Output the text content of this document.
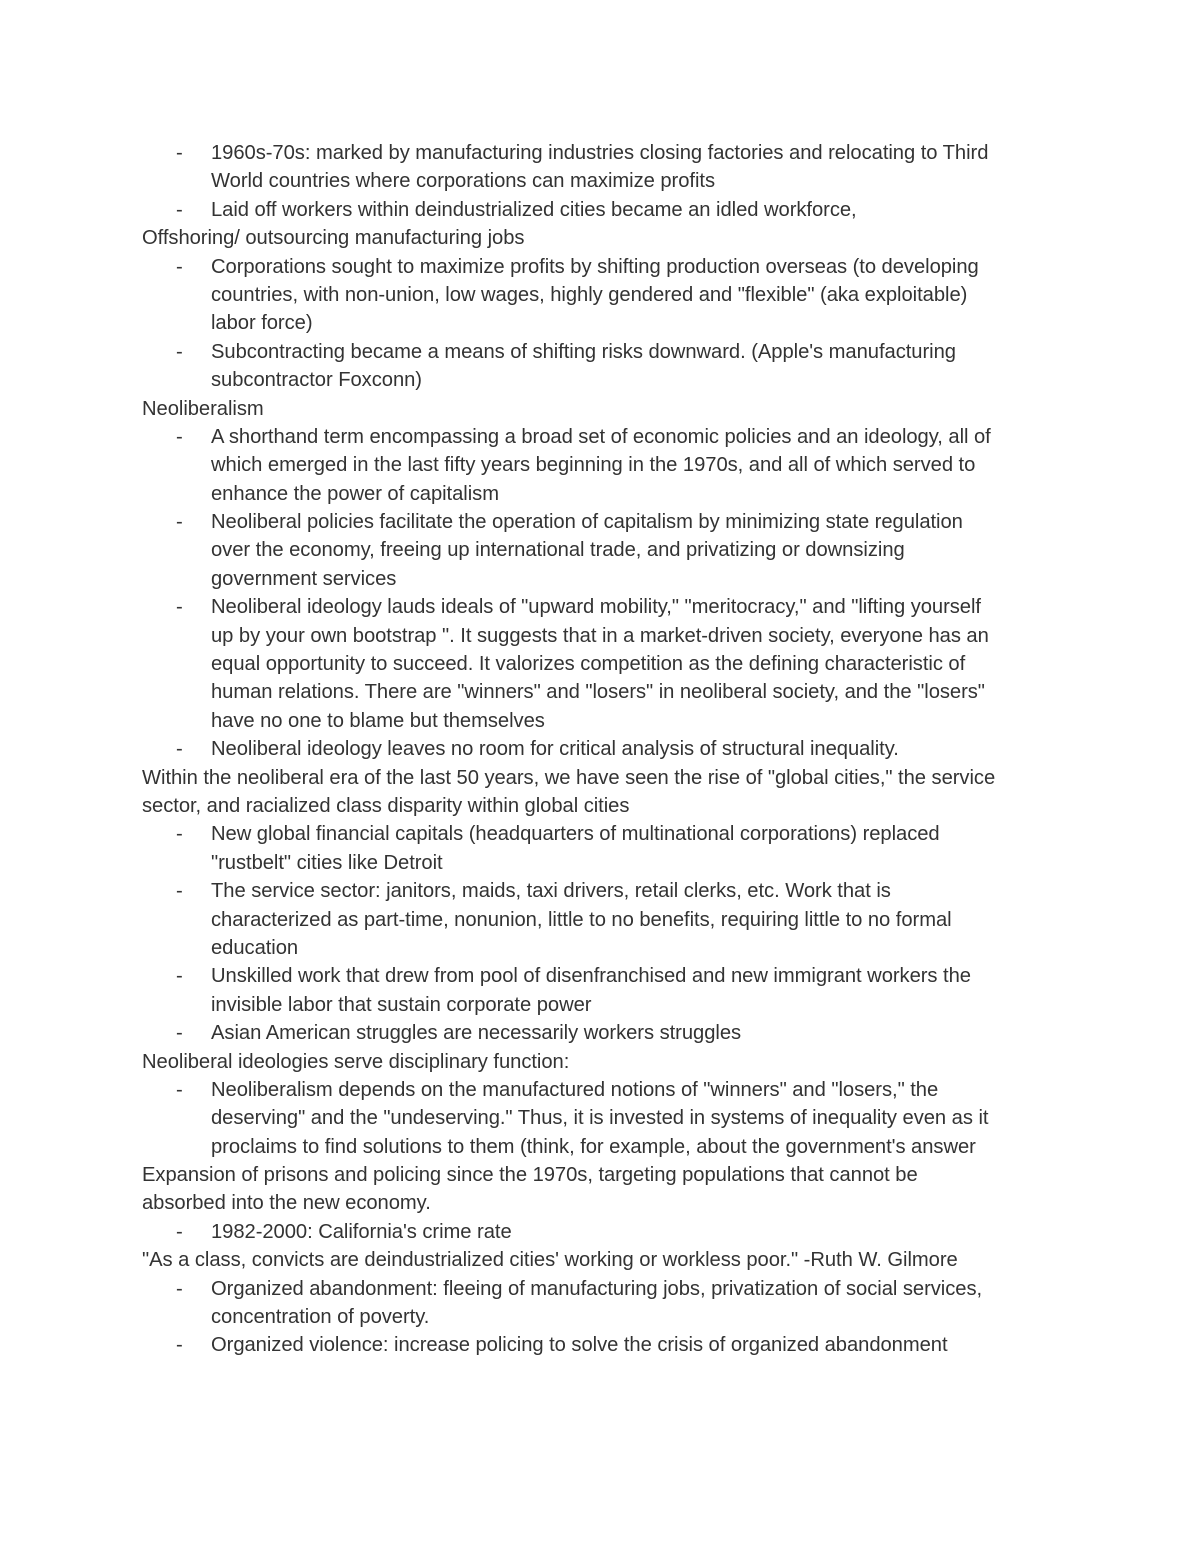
- 1960s-70s: marked by manufacturing industries closing factories and relocating to Third
World countries where corporations can maximize profits
- Laid off workers within deindustrialized cities became an idled workforce,
Offshoring/ outsourcing manufacturing jobs
- Corporations sought to maximize profits by shifting production overseas (to developing
countries, with non-union, low wages, highly gendered and "flexible" (aka exploitable)
labor force)
- Subcontracting became a means of shifting risks downward. (Apple's manufacturing
subcontractor Foxconn)
Neoliberalism
- A shorthand term encompassing a broad set of economic policies and an ideology, all of
which emerged in the last fifty years beginning in the 1970s, and all of which served to
enhance the power of capitalism
- Neoliberal policies facilitate the operation of capitalism by minimizing state regulation
over the economy, freeing up international trade, and privatizing or downsizing
government services
- Neoliberal ideology lauds ideals of "upward mobility," "meritocracy," and "lifting yourself
up by your own bootstrap ". It suggests that in a market-driven society, everyone has an
equal opportunity to succeed. It valorizes competition as the defining characteristic of
human relations. There are "winners" and "losers" in neoliberal society, and the "losers"
have no one to blame but themselves
- Neoliberal ideology leaves no room for critical analysis of structural inequality.
Within the neoliberal era of the last 50 years, we have seen the rise of "global cities," the service
sector, and racialized class disparity within global cities
- New global financial capitals (headquarters of multinational corporations) replaced
"rustbelt" cities like Detroit
- The service sector: janitors, maids, taxi drivers, retail clerks, etc. Work that is
characterized as part-time, nonunion, little to no benefits, requiring little to no formal
education
- Unskilled work that drew from pool of disenfranchised and new immigrant workers the
invisible labor that sustain corporate power
- Asian American struggles are necessarily workers struggles
Neoliberal ideologies serve disciplinary function:
- Neoliberalism depends on the manufactured notions of "winners" and "losers," the
deserving" and the "undeserving." Thus, it is invested in systems of inequality even as it
proclaims to find solutions to them (think, for example, about the government's answer
Expansion of prisons and policing since the 1970s, targeting populations that cannot be
absorbed into the new economy.
- 1982-2000: California's crime rate
"As a class, convicts are deindustrialized cities' working or workless poor." -Ruth W. Gilmore
- Organized abandonment: fleeing of manufacturing jobs, privatization of social services,
concentration of poverty.
- Organized violence: increase policing to solve the crisis of organized abandonment
